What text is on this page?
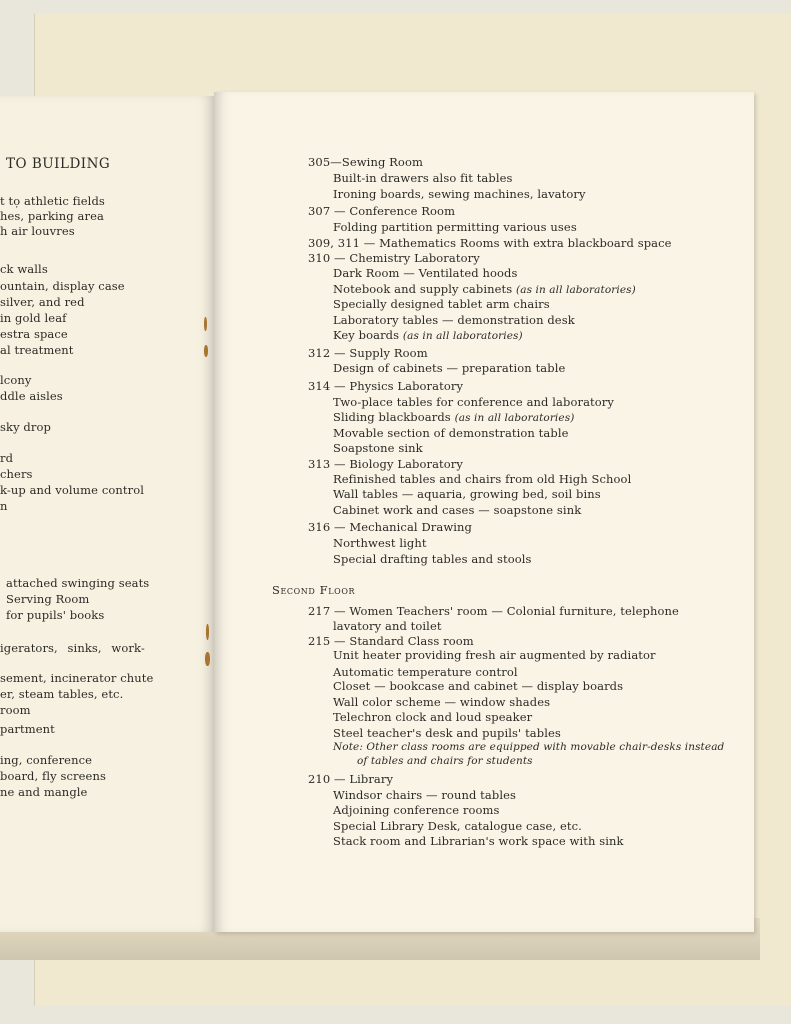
TO BUILDING
t tọ athletic fields
hes, parking area
h air louvres
ck walls
ountain, display case
silver, and red
in gold leaf
estra space
al treatment
lcony
ddle aisles
sky drop
rd
chers
k-up and volume control
n
attached swinging seats
Serving Room
for pupils' books
igerators, sinks, work-
sement, incinerator chute
er, steam tables, etc.
room
partment
ing, conference
board, fly screens
ne and mangle
305—Sewing Room
Built-in drawers also fit tables
Ironing boards, sewing machines, lavatory
307 — Conference Room
Folding partition permitting various uses
309, 311 — Mathematics Rooms with extra blackboard space
310 — Chemistry Laboratory
Dark Room — Ventilated hoods
Notebook and supply cabinets (as in all laboratories)
Specially designed tablet arm chairs
Laboratory tables — demonstration desk
Key boards (as in all laboratories)
312 — Supply Room
Design of cabinets — preparation table
314 — Physics Laboratory
Two-place tables for conference and laboratory
Sliding blackboards (as in all laboratories)
Movable section of demonstration table
Soapstone sink
313 — Biology Laboratory
Refinished tables and chairs from old High School
Wall tables — aquaria, growing bed, soil bins
Cabinet work and cases — soapstone sink
316 — Mechanical Drawing
Northwest light
Special drafting tables and stools
Second Floor
217 — Women Teachers' room — Colonial furniture, telephone
lavatory and toilet
215 — Standard Class room
Unit heater providing fresh air augmented by radiator
Automatic temperature control
Closet — bookcase and cabinet — display boards
Wall color scheme — window shades
Telechron clock and loud speaker
Steel teacher's desk and pupils' tables
Note: Other class rooms are equipped with movable chair-desks instead
of tables and chairs for students
210 — Library
Windsor chairs — round tables
Adjoining conference rooms
Special Library Desk, catalogue case, etc.
Stack room and Librarian's work space with sink
